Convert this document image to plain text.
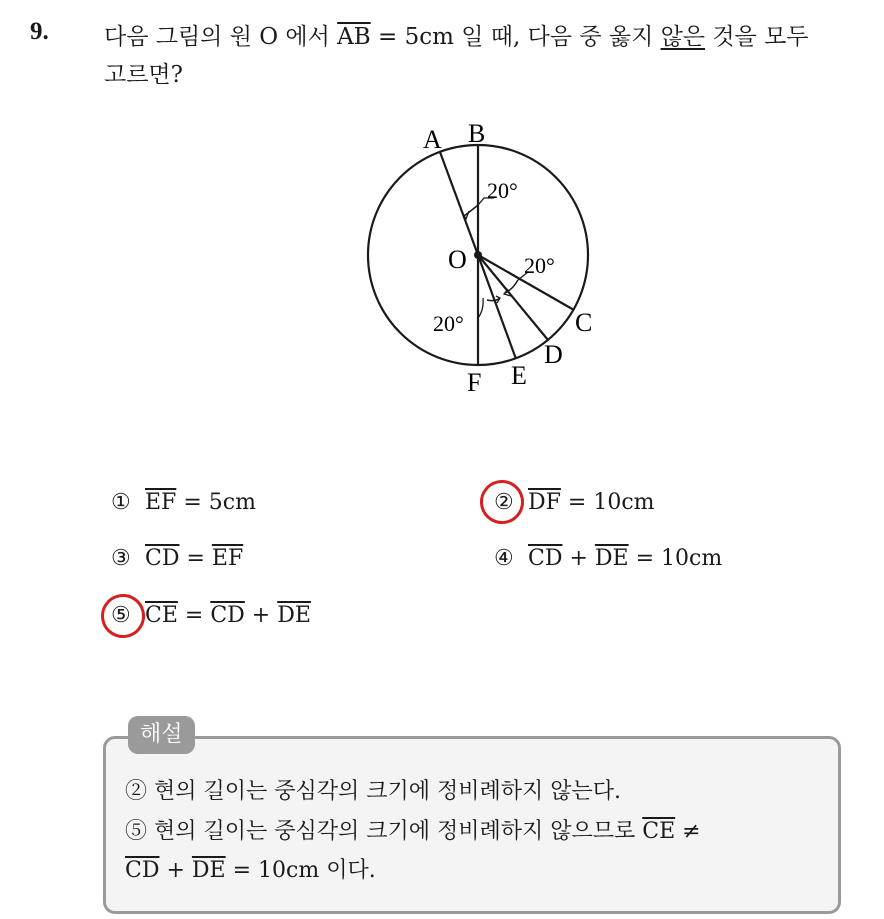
9. 다음 그림의 원 O 에서 $\overline{AB} = 5cm$ 일 때, 다음 중 옳지 않은 것을 모두
고르면?
A B
C
D
E
F
O
20°
20°
20°
① $\overline{EF} = 5cm$	② $\overline{DF} = 10cm$
③ $\overline{CD} = \overline{EF}$	④ $\overline{CD} + \overline{DE} = 10cm$
⑤ $\overline{CE} = \overline{CD} + \overline{DE}$
해설
② 현의 길이는 중심각의 크기에 정비례하지 않는다.
⑤ 현의 길이는 중심각의 크기에 정비례하지 않으므로 $\overline{CE}$ ≠
$\overline{CD} + \overline{DE} = 10cm$ 이다.
